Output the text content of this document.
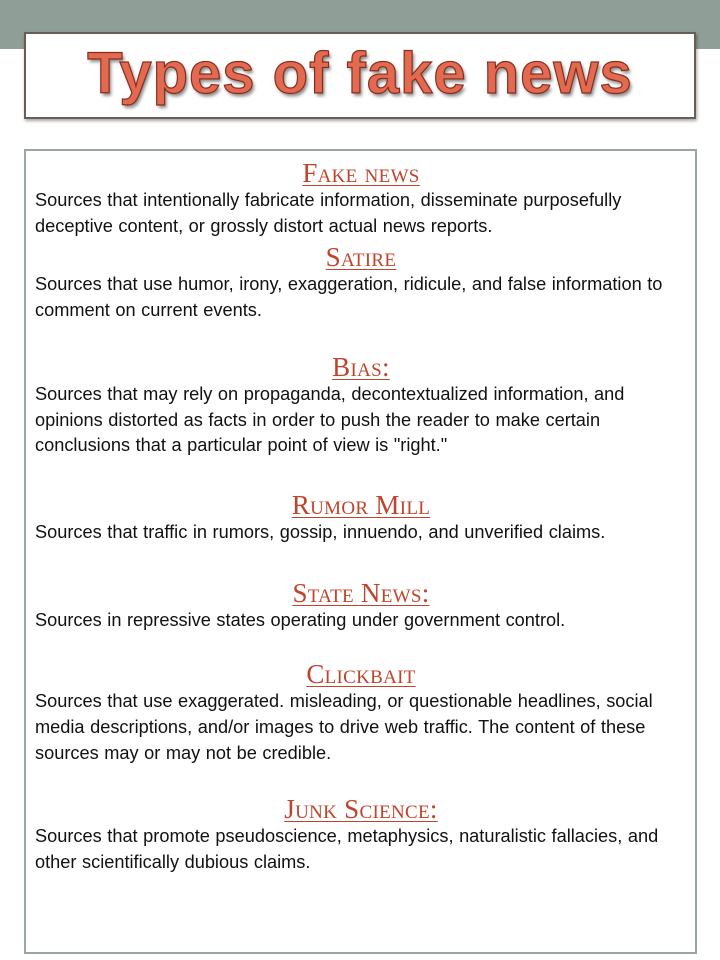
Types of fake news
Fake news

Sources that intentionally fabricate information, disseminate purposefully deceptive content, or grossly distort actual news reports.

Satire

Sources that use humor, irony, exaggeration, ridicule, and false information to comment on current events.

Bias:

Sources that may rely on propaganda, decontextualized information, and opinions distorted as facts in order to push the reader to make certain conclusions that a particular point of view is "right."

Rumor Mill

Sources that traffic in rumors, gossip, innuendo, and unverified claims.

State News:

Sources in repressive states operating under government control.

Clickbait

Sources that use exaggerated. misleading, or questionable headlines, social media descriptions, and/or images to drive web traffic. The content of these sources may or may not be credible.

Junk Science:

Sources that promote pseudoscience, metaphysics, naturalistic fallacies, and other scientifically dubious claims.
